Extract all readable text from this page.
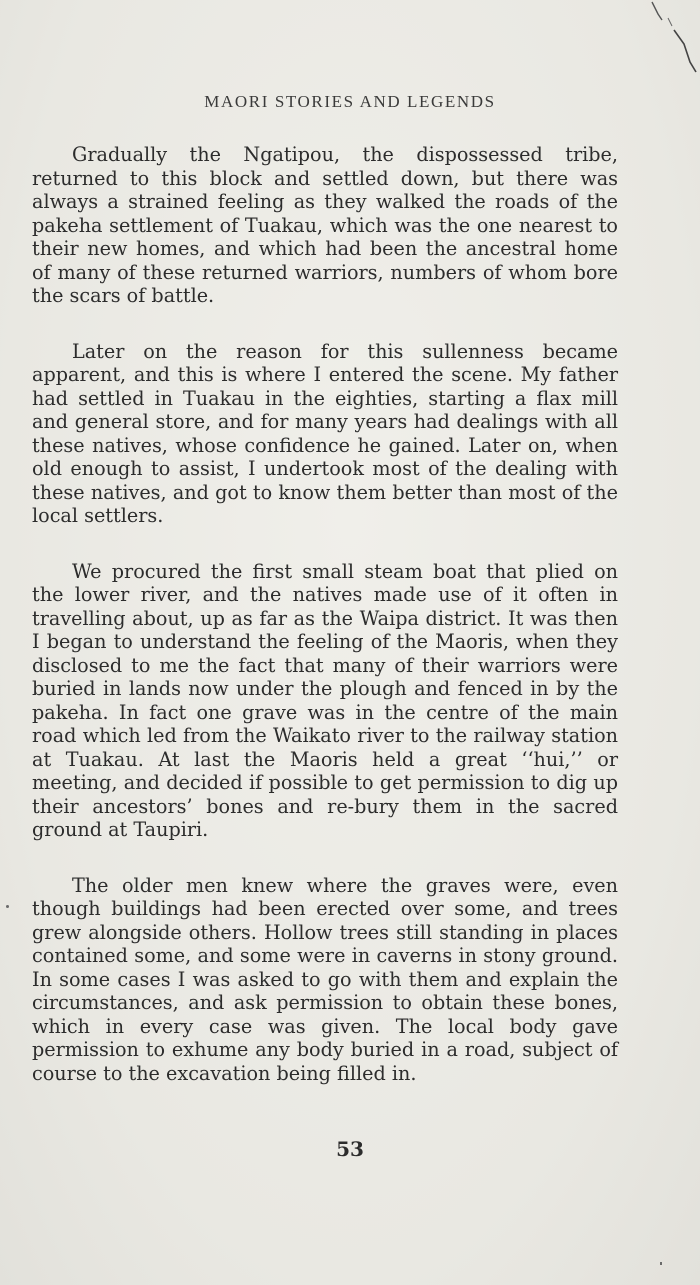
MAORI STORIES AND LEGENDS

Gradually the Ngatipou, the dispossessed tribe, returned to this block and settled down, but there was always a strained feeling as they walked the roads of the pakeha settlement of Tuakau, which was the one nearest to their new homes, and which had been the ancestral home of many of these returned warriors, numbers of whom bore the scars of battle.

Later on the reason for this sullenness became apparent, and this is where I entered the scene. My father had settled in Tuakau in the eighties, starting a flax mill and general store, and for many years had dealings with all these natives, whose confidence he gained. Later on, when old enough to assist, I undertook most of the dealing with these natives, and got to know them better than most of the local settlers.

We procured the first small steam boat that plied on the lower river, and the natives made use of it often in travelling about, up as far as the Waipa district. It was then I began to understand the feeling of the Maoris, when they disclosed to me the fact that many of their warriors were buried in lands now under the plough and fenced in by the pakeha. In fact one grave was in the centre of the main road which led from the Waikato river to the railway station at Tuakau. At last the Maoris held a great ‘‘hui,’’ or meeting, and decided if possible to get permission to dig up their ancestors’ bones and re-bury them in the sacred ground at Taupiri.

The older men knew where the graves were, even though buildings had been erected over some, and trees grew alongside others. Hollow trees still standing in places contained some, and some were in caverns in stony ground. In some cases I was asked to go with them and explain the circumstances, and ask permission to obtain these bones, which in every case was given. The local body gave permission to exhume any body buried in a road, subject of course to the excavation being filled in.

53
